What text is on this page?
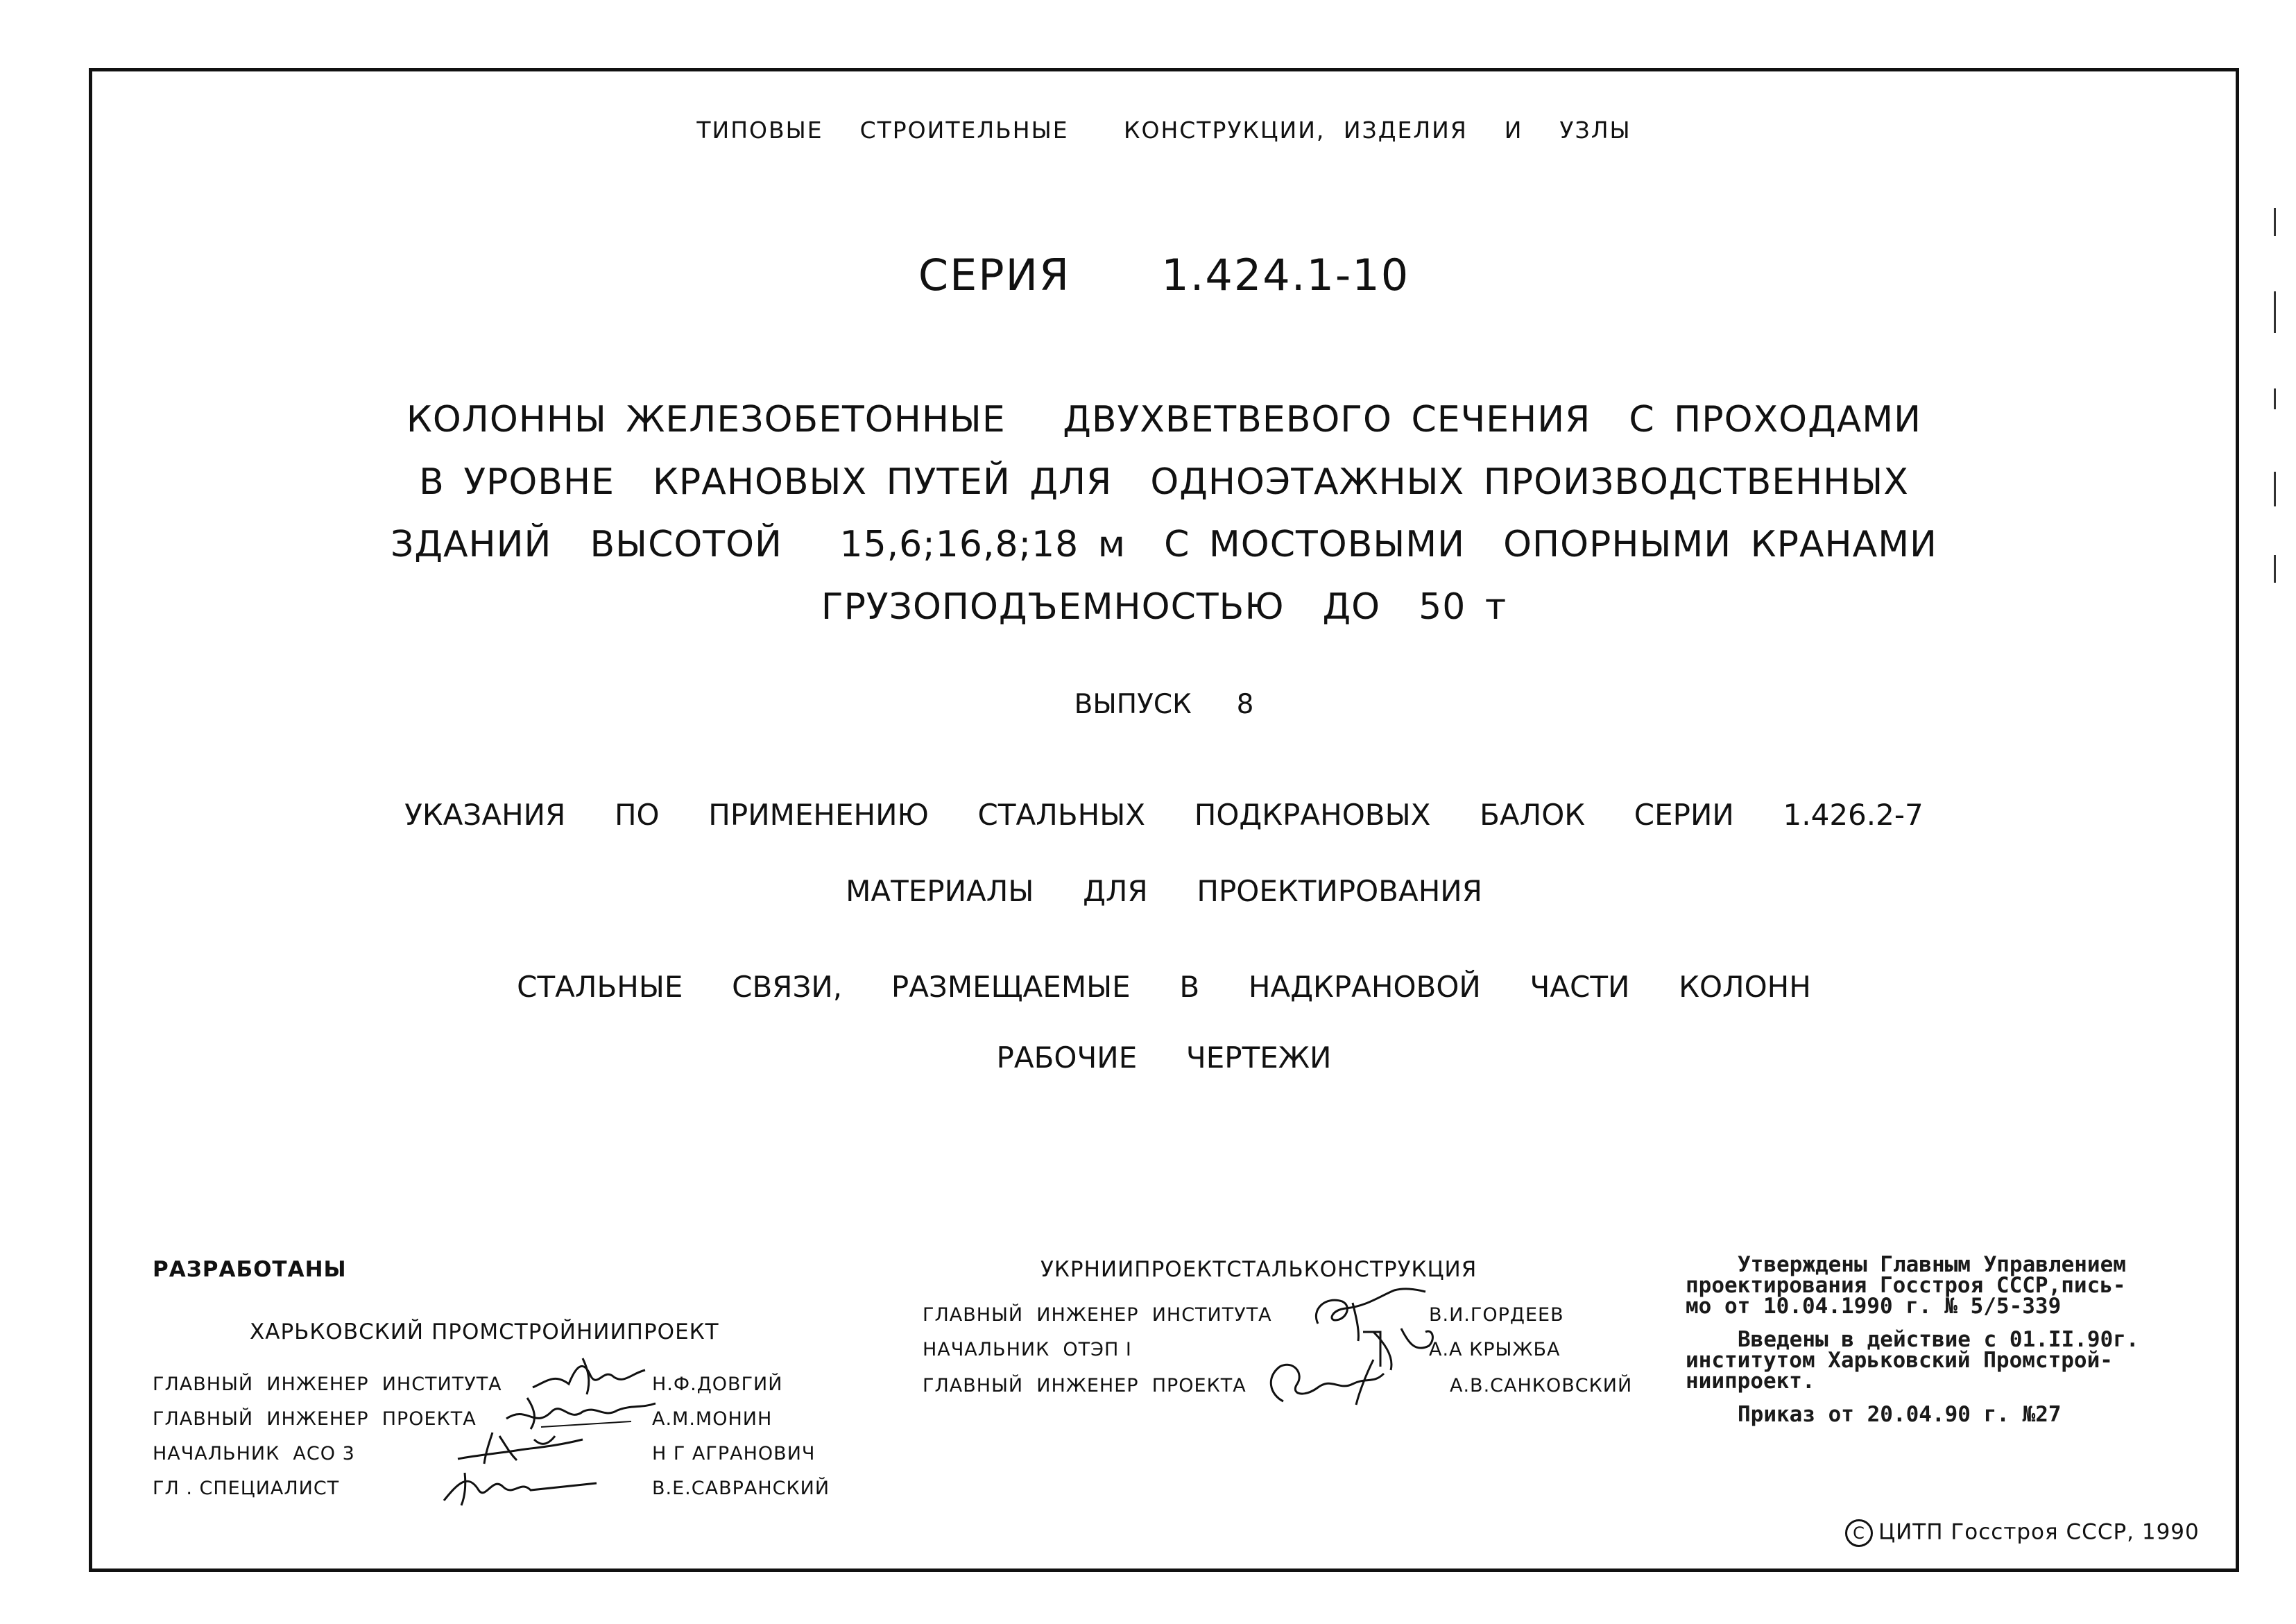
ТИПОВЫЕ  СТРОИТЕЛЬНЫЕ   КОНСТРУКЦИИ, ИЗДЕЛИЯ  И  УЗЛЫ
СЕРИЯ   1.424.1-10
КОЛОННЫ ЖЕЛЕЗОБЕТОННЫЕ   ДВУХВЕТВЕВОГО СЕЧЕНИЯ  С ПРОХОДАМИ
В УРОВНЕ  КРАНОВЫХ ПУТЕЙ ДЛЯ  ОДНОЭТАЖНЫХ ПРОИЗВОДСТВЕННЫХ
ЗДАНИЙ  ВЫСОТОЙ   15,6;16,8;18 м  С МОСТОВЫМИ  ОПОРНЫМИ КРАНАМИ
ГРУЗОПОДЪЕМНОСТЬЮ  ДО  50 т
ВЫПУСК  8
УКАЗАНИЯ  ПО  ПРИМЕНЕНИЮ  СТАЛЬНЫХ  ПОДКРАНОВЫХ  БАЛОК  СЕРИИ  1.426.2-7
МАТЕРИАЛЫ  ДЛЯ  ПРОЕКТИРОВАНИЯ
СТАЛЬНЫЕ  СВЯЗИ,  РАЗМЕЩАЕМЫЕ  В  НАДКРАНОВОЙ  ЧАСТИ  КОЛОНН
РАБОЧИЕ  ЧЕРТЕЖИ
РАЗРАБОТАНЫ
ХАРЬКОВСКИЙ ПРОМСТРОЙНИИПРОЕКТ
ГЛАВНЫЙ  ИНЖЕНЕР  ИНСТИТУТА	Н.Ф.ДОВГИЙ
ГЛАВНЫЙ  ИНЖЕНЕР  ПРОЕКТА	А.М.МОНИН
НАЧАЛЬНИК  АСО 3	Н Г АГРАНОВИЧ
ГЛ . СПЕЦИАЛИСТ	В.Е.САВРАНСКИЙ
УКРНИИПРОЕКТСТАЛЬКОНСТРУКЦИЯ
ГЛАВНЫЙ  ИНЖЕНЕР  ИНСТИТУТА	В.И.ГОРДЕЕВ
НАЧАЛЬНИК  ОТЭП I	А.А КРЫЖБА
ГЛАВНЫЙ  ИНЖЕНЕР  ПРОЕКТА	А.В.САНКОВСКИЙ

Утверждены Главным Управлением
проектирования Госстроя СССР,пись-
мо от 10.04.1990 г. № 5/5-339

Введены в действие с 01.II.90г.
институтом Харьковский Промстрой-
ниипроект.

Приказ от 20.04.90 г. №27

C ЦИТП Госстроя СССР, 1990
